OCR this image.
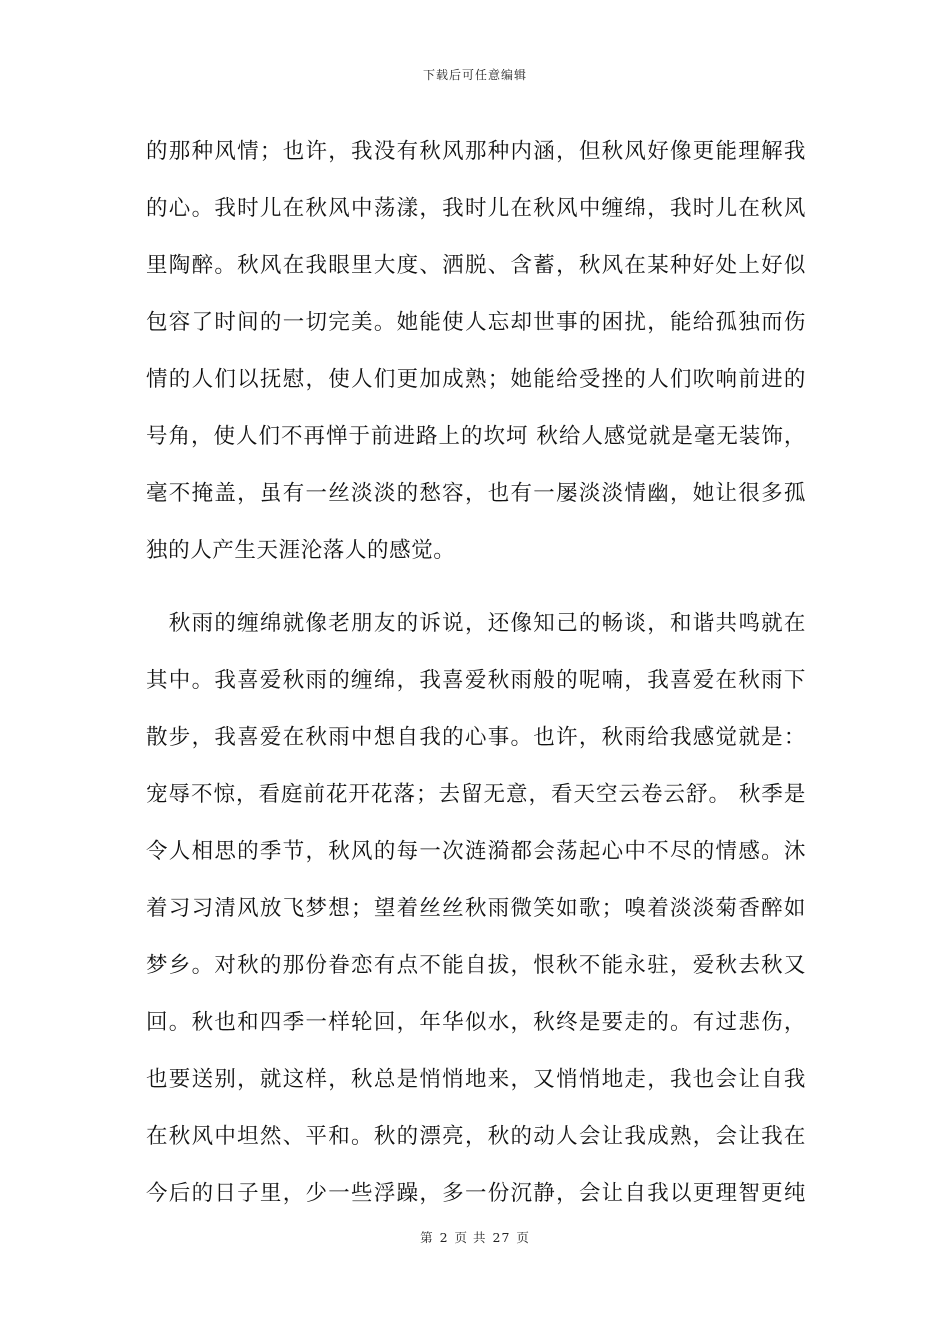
下载后可任意编辑
的那种风情；也许，我没有秋风那种内涵，但秋风好像更能理解我
的心。我时儿在秋风中荡漾，我时儿在秋风中缠绵，我时儿在秋风
里陶醉。秋风在我眼里大度、洒脱、含蓄，秋风在某种好处上好似
包容了时间的一切完美。她能使人忘却世事的困扰，能给孤独而伤
情的人们以抚慰，使人们更加成熟；她能给受挫的人们吹响前进的
号角，使人们不再惮于前进路上的坎坷 秋给人感觉就是毫无装饰，
毫不掩盖，虽有一丝淡淡的愁容，也有一屡淡淡情幽，她让很多孤
独的人产生天涯沦落人的感觉。
　秋雨的缠绵就像老朋友的诉说，还像知己的畅谈，和谐共鸣就在
其中。我喜爱秋雨的缠绵，我喜爱秋雨般的呢喃，我喜爱在秋雨下
散步，我喜爱在秋雨中想自我的心事。也许，秋雨给我感觉就是：
宠辱不惊，看庭前花开花落；去留无意，看天空云卷云舒。 秋季是
令人相思的季节，秋风的每一次涟漪都会荡起心中不尽的情感。沐
着习习清风放飞梦想；望着丝丝秋雨微笑如歌；嗅着淡淡菊香醉如
梦乡。对秋的那份眷恋有点不能自拔，恨秋不能永驻，爱秋去秋又
回。秋也和四季一样轮回，年华似水，秋终是要走的。有过悲伤，
也要送别，就这样，秋总是悄悄地来，又悄悄地走，我也会让自我
在秋风中坦然、平和。秋的漂亮，秋的动人会让我成熟，会让我在
今后的日子里，少一些浮躁，多一份沉静，会让自我以更理智更纯
第 2 页 共 27 页
